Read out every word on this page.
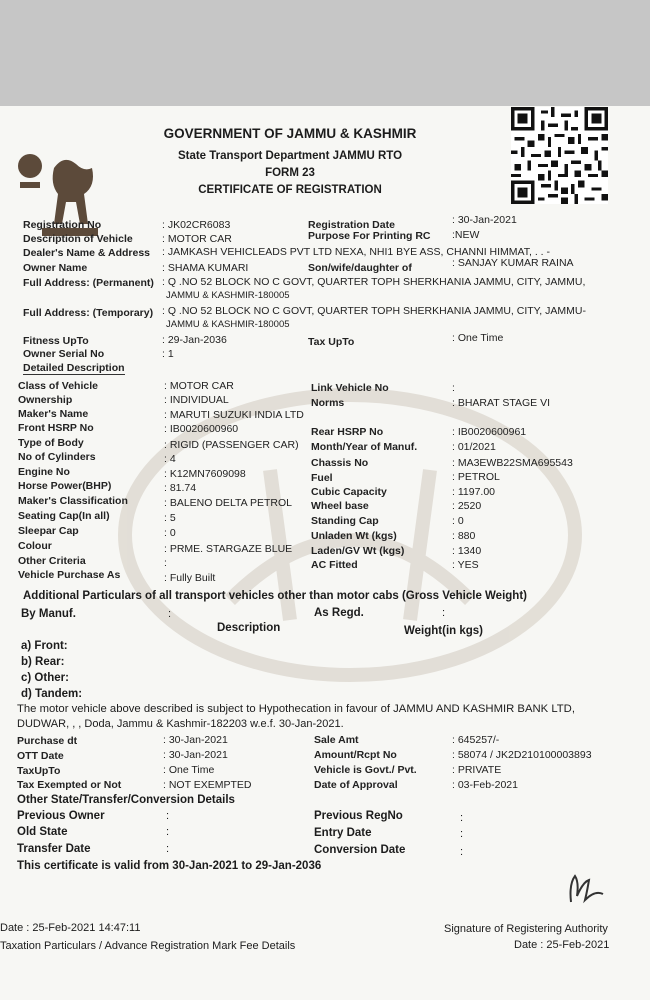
GOVERNMENT OF JAMMU & KASHMIR
State Transport Department JAMMU RTO
FORM 23
CERTIFICATE OF REGISTRATION
Registration No	: JK02CR6083	Registration Date	: 30-Jan-2021
Description of Vehicle	: MOTOR CAR	Purpose For Printing RC :NEW
Dealer's Name & Address : JAMKASH VEHICLEADS PVT LTD NEXA, NHI1 BYE ASS, CHANNI HIMMAT, . . -
Owner Name	: SHAMA KUMARI	Son/wife/daughter of	: SANJAY KUMAR RAINA
Full Address: (Permanent) : Q .NO 52 BLOCK NO C GOVT, QUARTER TOPH SHERKHANIA JAMMU, CITY, JAMMU,
JAMMU & KASHMIR-180005
Full Address: (Temporary) : Q .NO 52 BLOCK NO C GOVT, QUARTER TOPH SHERKHANIA JAMMU, CITY, JAMMU-
JAMMU & KASHMIR-180005
Fitness UpTo	: 29-Jan-2036	Tax UpTo	: One Time
Owner Serial No	: 1
Detailed Description
Class of Vehicle	: MOTOR CAR
Ownership	: INDIVIDUAL
Maker's Name	: MARUTI SUZUKI INDIA LTD
Front HSRP No	: IB0020600960
Type of Body	: RIGID (PASSENGER CAR)
No of Cylinders	: 4
Engine No	: K12MN7609098
Horse Power(BHP)	: 81.74
Maker's Classification	: BALENO DELTA PETROL
Seating Cap(In all)	: 5
Sleepar Cap	: 0
Colour	: PRME. STARGAZE BLUE
Other Criteria	:
Vehicle Purchase As	: Fully Built
Link Vehicle No	:
Norms	: BHARAT STAGE VI
Rear HSRP No	: IB0020600961
Month/Year of Manuf.	: 01/2021
Chassis No	: MA3EWB22SMA695543
Fuel	: PETROL
Cubic Capacity	: 1197.00
Wheel base	: 2520
Standing Cap	: 0
Unladen Wt (kgs)	: 880
Laden/GV Wt (kgs)	: 1340
AC Fitted	: YES
Additional Particulars of all transport vehicles other than motor cabs (Gross Vehicle Weight)
By Manuf.	:	As Regd.	:
Description	Weight(in kgs)
a) Front:
b) Rear:
c) Other:
d) Tandem:
The motor vehicle above described is subject to Hypothecation in favour of JAMMU AND KASHMIR BANK LTD,
DUDWAR, , , Doda, Jammu & Kashmir-182203 w.e.f. 30-Jan-2021.
Purchase dt	: 30-Jan-2021	Sale Amt	: 645257/-
OTT Date	: 30-Jan-2021	Amount/Rcpt No	: 58074 / JK2D210100003893
TaxUpTo	: One Time	Vehicle is Govt./ Pvt.	: PRIVATE
Tax Exempted or Not	: NOT EXEMPTED	Date of Approval	: 03-Feb-2021
Other State/Transfer/Conversion Details
Previous Owner	:	Previous RegNo	:
Old State	:	Entry Date	:
Transfer Date	:	Conversion Date	:
This certificate is valid from 30-Jan-2021 to 29-Jan-2036
Date : 25-Feb-2021 14:47:11
Taxation Particulars / Advance Registration Mark Fee Details
Signature of Registering Authority
Date : 25-Feb-2021
